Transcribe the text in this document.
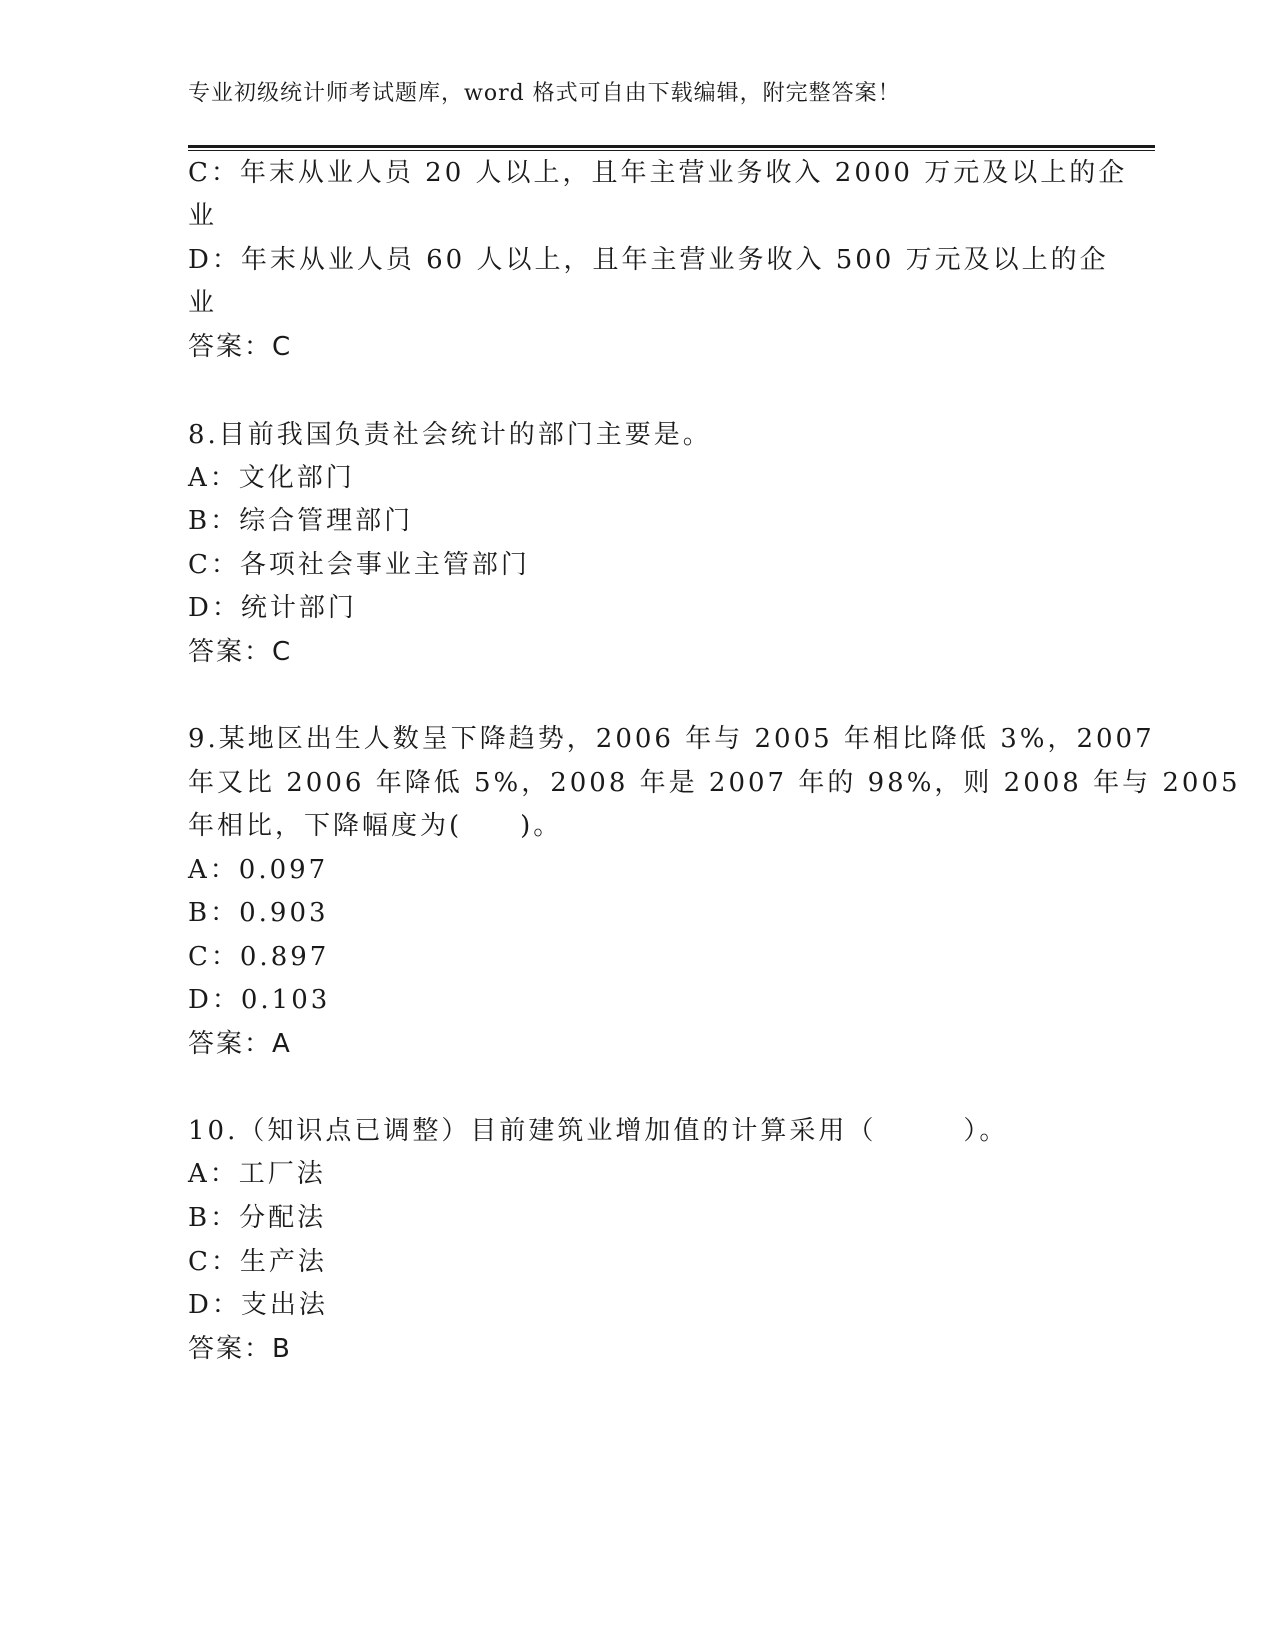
专业初级统计师考试题库，word 格式可自由下载编辑，附完整答案！
C：年末从业人员 20 人以上，且年主营业务收入 2000 万元及以上的企
业
D：年末从业人员 60 人以上，且年主营业务收入 500 万元及以上的企
业
答案：C
8.目前我国负责社会统计的部门主要是。
A：文化部门
B：综合管理部门
C：各项社会事业主管部门
D：统计部门
答案：C
9.某地区出生人数呈下降趋势，2006 年与 2005 年相比降低 3%，2007
年又比 2006 年降低 5%，2008 年是 2007 年的 98%，则 2008 年与 2005
年相比，下降幅度为(　　)。
A：0.097
B：0.903
C：0.897
D：0.103
答案：A
10.（知识点已调整）目前建筑业增加值的计算采用（　　　）。
A：工厂法
B：分配法
C：生产法
D：支出法
答案：B
